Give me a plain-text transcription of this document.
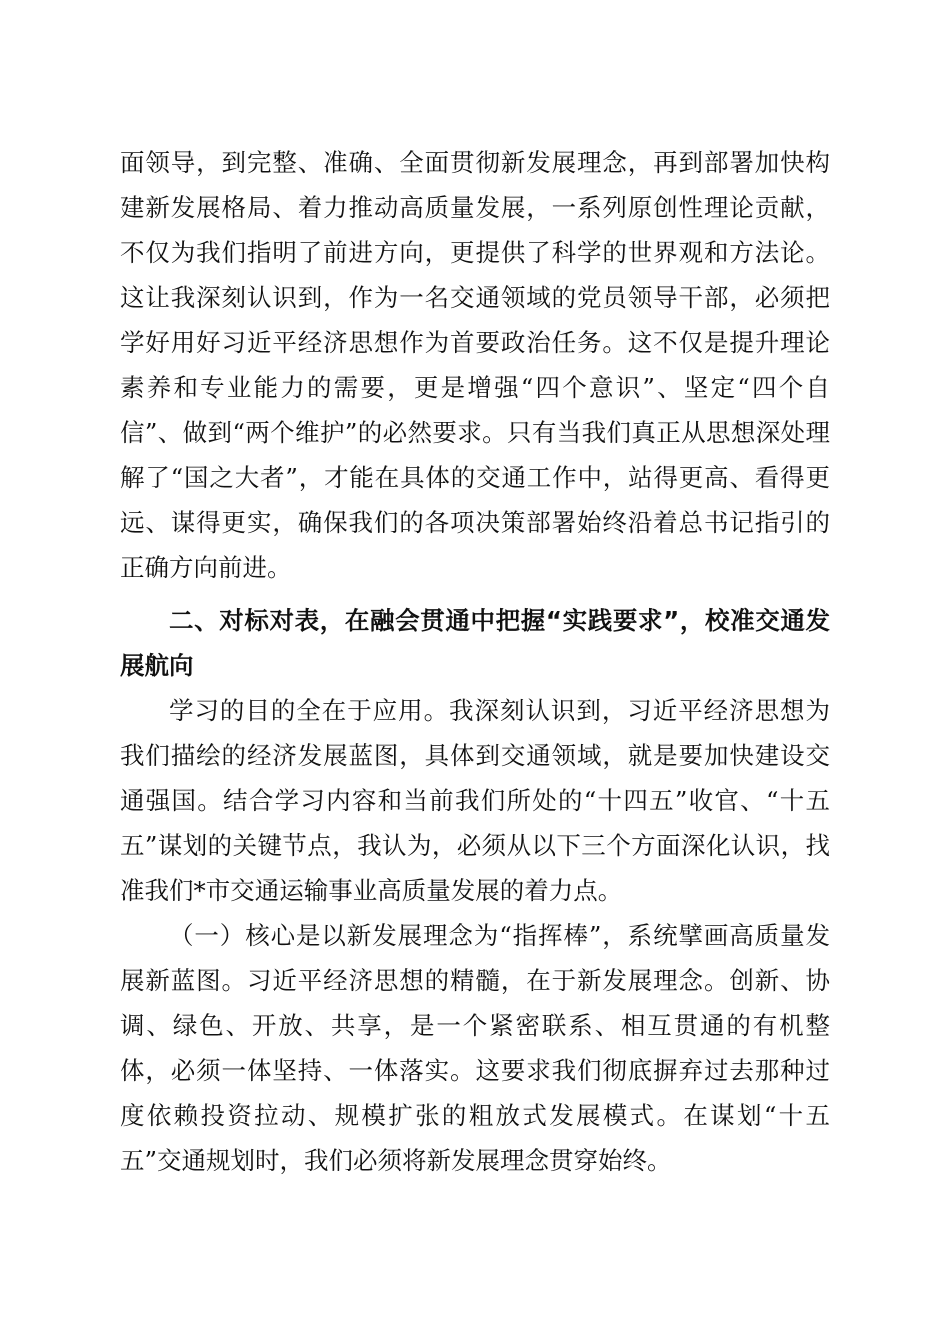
面领导，到完整、准确、全面贯彻新发展理念，再到部署加快构建新发展格局、着力推动高质量发展，一系列原创性理论贡献，不仅为我们指明了前进方向，更提供了科学的世界观和方法论。这让我深刻认识到，作为一名交通领域的党员领导干部，必须把学好用好习近平经济思想作为首要政治任务。这不仅是提升理论素养和专业能力的需要，更是增强“四个意识”、坚定“四个自信”、做到“两个维护”的必然要求。只有当我们真正从思想深处理解了“国之大者”，才能在具体的交通工作中，站得更高、看得更远、谋得更实，确保我们的各项决策部署始终沿着总书记指引的正确方向前进。

二、对标对表，在融会贯通中把握“实践要求”，校准交通发展航向

学习的目的全在于应用。我深刻认识到，习近平经济思想为我们描绘的经济发展蓝图，具体到交通领域，就是要加快建设交通强国。结合学习内容和当前我们所处的“十四五”收官、“十五五”谋划的关键节点，我认为，必须从以下三个方面深化认识，找准我们*市交通运输事业高质量发展的着力点。

（一）核心是以新发展理念为“指挥棒”，系统擘画高质量发展新蓝图。习近平经济思想的精髓，在于新发展理念。创新、协调、绿色、开放、共享，是一个紧密联系、相互贯通的有机整体，必须一体坚持、一体落实。这要求我们彻底摒弃过去那种过度依赖投资拉动、规模扩张的粗放式发展模式。在谋划“十五五”交通规划时，我们必须将新发展理念贯穿始终。
